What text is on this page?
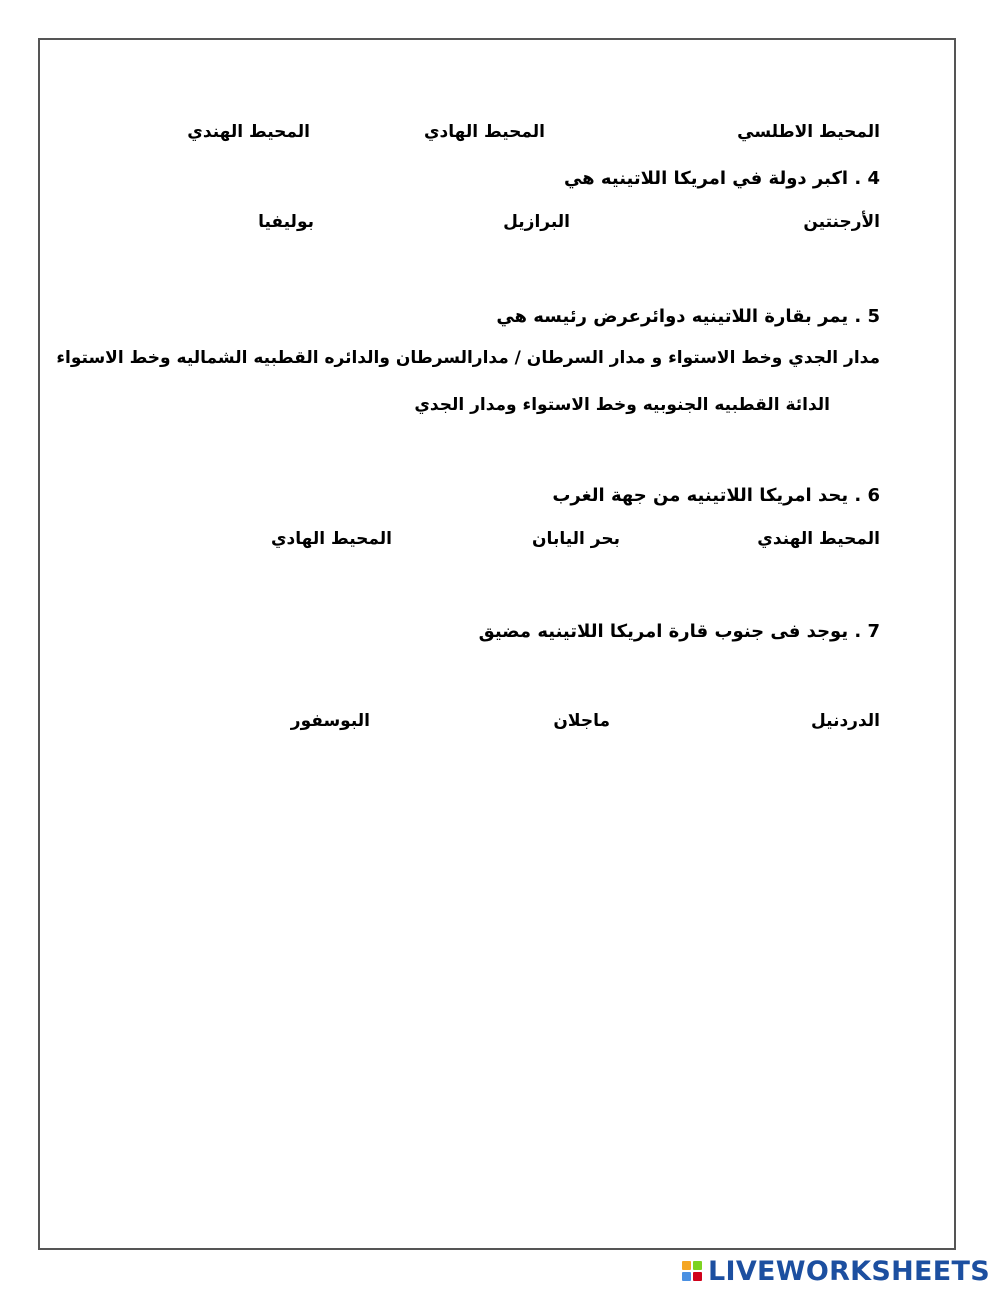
المحيط الاطلسي
المحيط الهادي
المحيط الهندي
4 . اكبر دولة في امريكا اللاتينيه هي
الأرجنتين
البرازيل
بوليفيا
5 . يمر بقارة اللاتينيه دوائرعرض رئيسه هي
مدار الجدي وخط الاستواء و مدار السرطان / مدارالسرطان والدائره القطبيه الشماليه وخط الاستواء
الدائة القطبيه الجنوبيه وخط الاستواء ومدار الجدي
6 . يحد امريكا اللاتينيه من جهة الغرب
المحيط الهندي
بحر اليابان
المحيط الهادي
7 . يوجد فى جنوب قارة امريكا اللاتينيه مضيق
الدردنيل
ماجلان
البوسفور
LIVEWORKSHEETS
